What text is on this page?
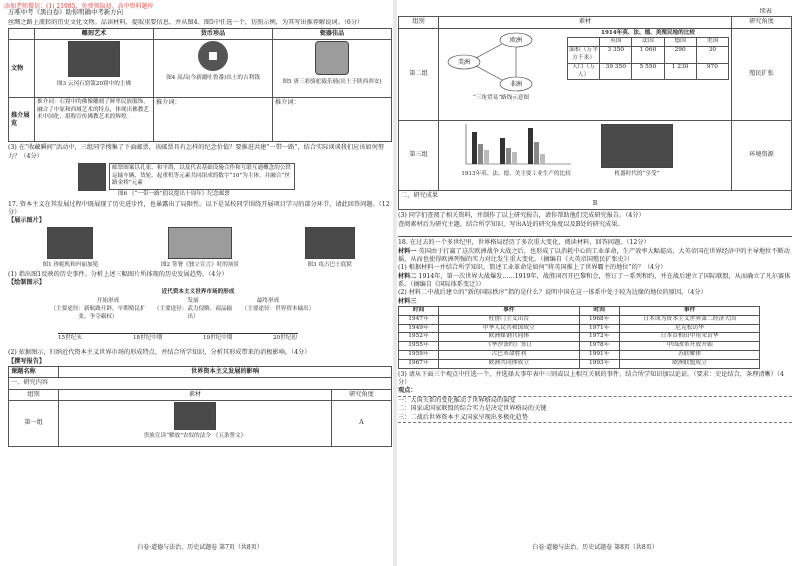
添加老师微信：(1) 21985，免费领取初、高中资料题库
万唯中考《黑白卷》助你明确中考新方向
丝绸之路上流转的历史文化文物。品读材料，提取重要信息，并从图4、图5中任选一个，仿照示例，为其写出推荐解说词。（6分）
	雕刻艺术	货币珍品	瓷器佳品
文物	图3 云冈石窟第20窟中的主佛	图4 高昌(今新疆吐鲁番)出土的吉利钱	图5 唐三彩骆驼载乐俑(出土于陕西西安)

推介展览	推介词：石窟中的佛像雕刻了鲜卑民族服饰，融合了中原和西域艺术的特点，体现出佛教艺术中国化，堪称宣传佛教艺术的辉煌。	推介词：	推介词：
(3) 在“收藏瞬间”活动中，三组同学搜集了下面邮票，该邮票具有怎样的纪念价值？要推进共建“一带一路”，结合实际谈谈我们应该如何努力？（4分）
邮票图案以孔雀、和平鸽，以及代表基础设施合作和互联互通概念的公铁运输车辆、货轮、起重机等元素共同组成的数字“10”为主体，并融合“丝路金桥”元素
图6 《“一带一路”倡议提出十周年》纪念邮票
17. 资本主义在其发展过程中既展现了历史进步性，也暴露出了局限性。以下是某校同学围绕开展项目学习的部分环节，请此回答问题。（12分）
【展示图片】
图1 珍妮机和玛丽加冕	图2 签署《独立宣言》时的场景	图3 攻占巴士底狱
(1) 指出图1反映的历史事件。分析上述三幅图片所体现的历史发展趋势。（4分）
【绘制图示】
近代资本主义世界市场的形成
开始形成	发展	最终形成
（主要途径：新航路开辟，早期殖民扩张、争夺霸权）
（主要途径：武力侵略、商品输出）
（主要途径：世界资本输出）
15世纪末	18世纪中期	19世纪中期	20世纪初
(2) 依据图示，归纳近代资本主义世界市场的形成特点，并结合所学知识，分析其形成带来的消极影响。（4分）
【撰写报告】
课题名称	世界资本主义发展的影响	
一、研究内容		
组别	素材	研究角度
第一组	贵族宣读“解放”农奴的法令 《五条誓文》	A
白卷·道德与法治、历史试题卷 第7页（共8页）
续表
组别	素材	研究角度
第二组	
欧洲
美洲
非洲
“三角贸易”路线示意图
1914年英、法、德、美殖民地的比较
	英国	法国	德国	美国
面积（万平方千米）	3 350	1 060	290	30
人口（万人）	39 350	5 550	1 230	970
	殖民扩张
第三组	
1913年英、法、德、美主要工业生产的比较	机器时代的“享受”
	环境资源
二、研究成果
B
(3) 同学们查阅了相关资料，并制作了以上研究报告，请你帮助他们完成研究报告。（4分）
查阅素材后为研究主题，结合所学知识，写出A处的研究角度以及B处的研究成果。
18. 在过去的一个多世纪里，世界格局经历了多次重大变化，阅读材料，回答问题。（12分）
材料一 英国由于打赢了这次欧洲战争大战之后，也形成了以消耗中心的工业革命，生产效率大幅提高，大英帝国在世界经济中的主导地位不断动摇，从而也使得欧洲列强的实力对比发生重大变化。（摘编自《大英帝国殖民扩张史》）
(1) 根据材料一并结合所学知识，简述工业革命是如何“将英国推上了世界霸主的地位”的？（4分）
材料二 1914年，第一次世界大战爆发……1919年，战胜国召开巴黎和会，签订了一系列和约，并在战后建立了国际联盟，从而确立了凡尔赛体系。（摘编自《国际体系变迁》）
(2) 材料二中战后建立的“新的国际秩序”指的是什么？说明中国在这一体系中处于较为边缘的地位的原因。（4分）
材料三
时间	事件	时间	事件
1947年	杜鲁门主义出台	1968年	日本成为资本主义世界第二经济大国
1949年	中华人民共和国成立	1971年	尼克松访华
1952年	欧洲煤钢共同体	1972年	日本首相田中角荣访华
1955年	《华沙条约》签订	1978年	中国改革开放开始
1959年	古巴革命胜利	1991年	苏联解体
1967年	欧洲共同体成立	1993年	欧洲联盟成立
(3) 请从下面三个观点中任选一个，并选择大事年表中三则或以上相互关联的事件，结合所学知识加以论证。（要求：史论结合，条理清晰）（4分）
观点：
一：大国关系的变化推动了世界格局的演变
二：国家或国家联盟的综合实力是决定世界格局的关键
三：二战后世界资本主义国家呈现出多极化趋势
白卷·道德与法治、历史试题卷 第8页（共8页）
